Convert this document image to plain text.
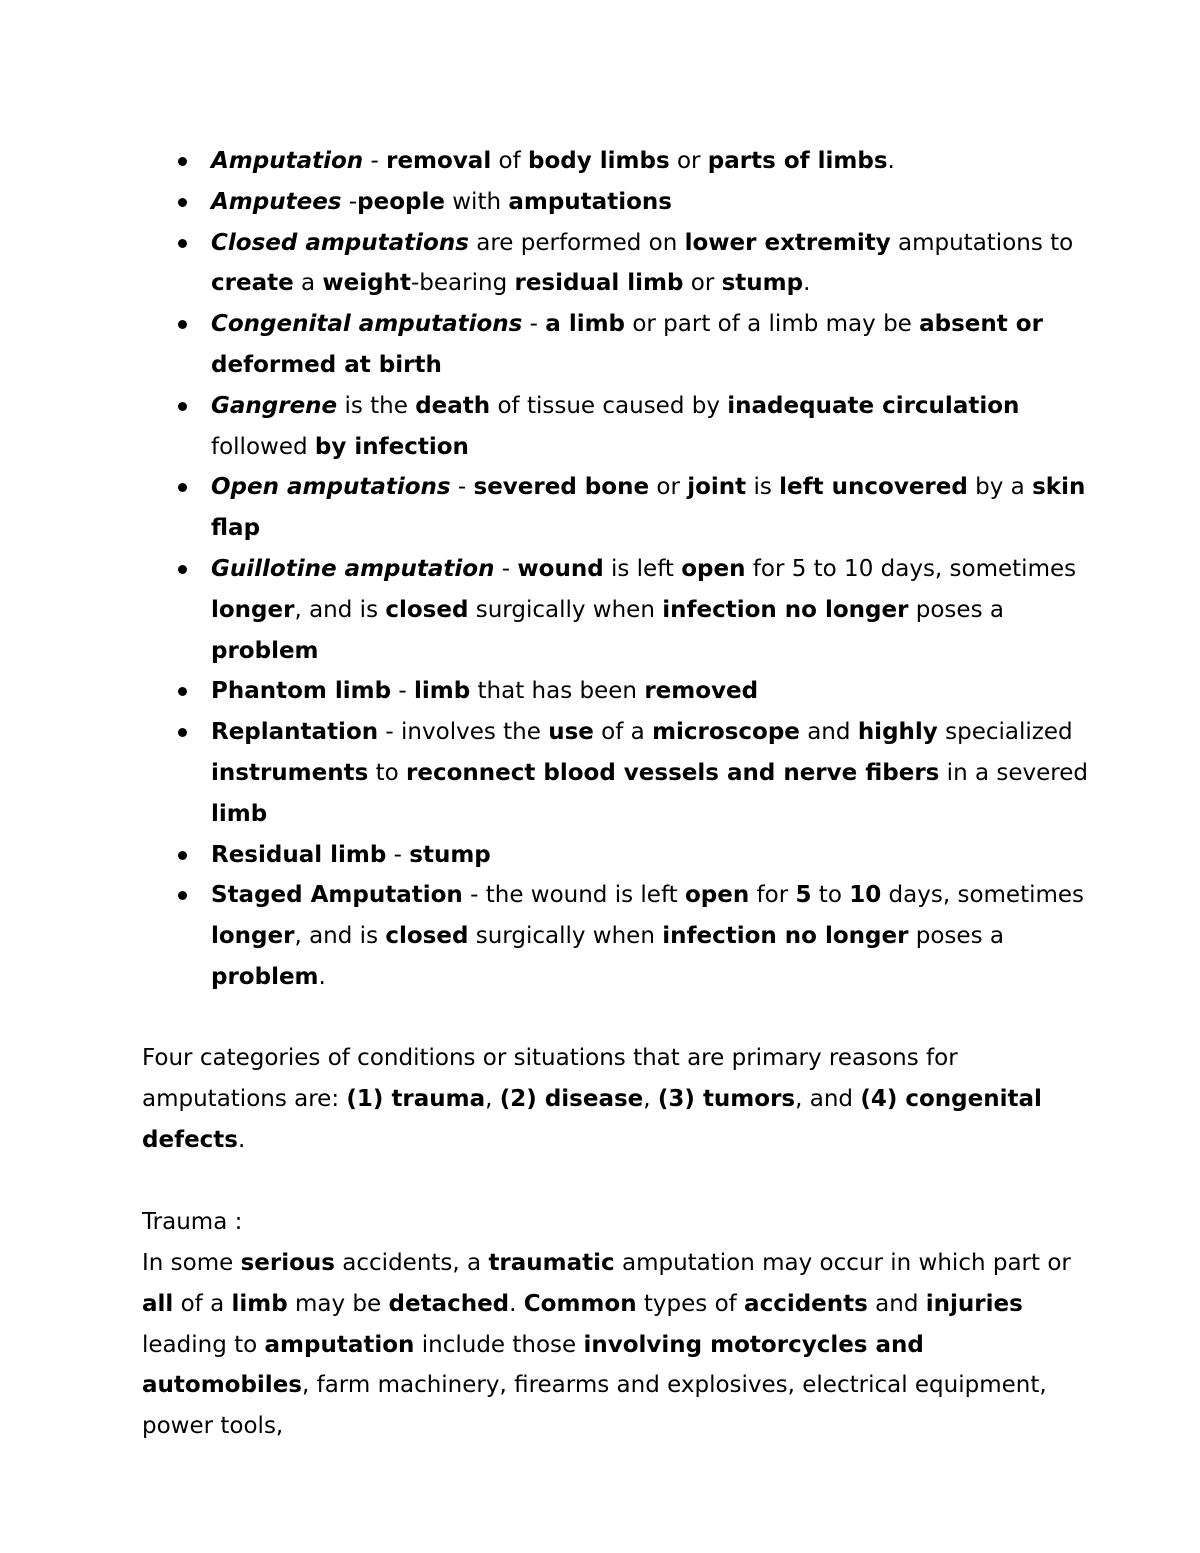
Amputation - removal of body limbs or parts of limbs.
Amputees -people with amputations
Closed amputations are performed on lower extremity amputations to create a weight-bearing residual limb or stump.
Congenital amputations - a limb or part of a limb may be absent or deformed at birth
Gangrene is the death of tissue caused by inadequate circulation followed by infection
Open amputations - severed bone or joint is left uncovered by a skin flap
Guillotine amputation - wound is left open for 5 to 10 days, sometimes longer, and is closed surgically when infection no longer poses a problem
Phantom limb - limb that has been removed
Replantation - involves the use of a microscope and highly specialized instruments to reconnect blood vessels and nerve fibers in a severed limb
Residual limb - stump
Staged Amputation - the wound is left open for 5 to 10 days, sometimes longer, and is closed surgically when infection no longer poses a problem.

Four categories of conditions or situations that are primary reasons for amputations are: (1) trauma, (2) disease, (3) tumors, and (4) congenital defects.

Trauma :

In some serious accidents, a traumatic amputation may occur in which part or all of a limb may be detached. Common types of accidents and injuries leading to amputation include those involving motorcycles and automobiles, farm machinery, firearms and explosives, electrical equipment, power tools,
